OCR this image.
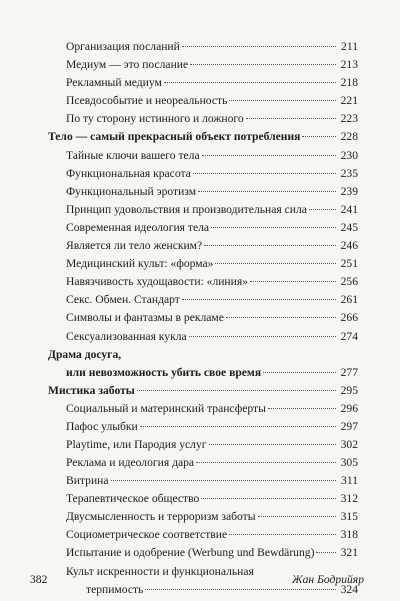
Организация посланий	211
Медиум — это послание	213
Рекламный медиум	218
Псевдособытие и неореальность	221
По ту сторону истинного и ложного	223
Тело — самый прекрасный объект потребления	228
Тайные ключи вашего тела	230
Функциональная красота	235
Функциональный эротизм	239
Принцип удовольствия и производительная сила	241
Современная идеология тела	245
Является ли тело женским?	246
Медицинский культ: «форма»	251
Навязчивость худощавости: «линия»	256
Секс. Обмен. Стандарт	261
Символы и фантазмы в рекламе	266
Сексуализованная кукла	274
Драма досуга,
или невозможность убить свое время	277
Мистика заботы	295
Социальный и материнский трансферты	296
Пафос улыбки	297
Playtime, или Пародия услуг	302
Реклама и идеология дара	305
Витрина	311
Терапевтическое общество	312
Двусмысленность и терроризм заботы	315
Социометрическое соответствие	318
Испытание и одобрение (Werbung und Bewdärung) 321
Культ искренности и функциональная
терпимость	324
382	Жан Бодрийяр
